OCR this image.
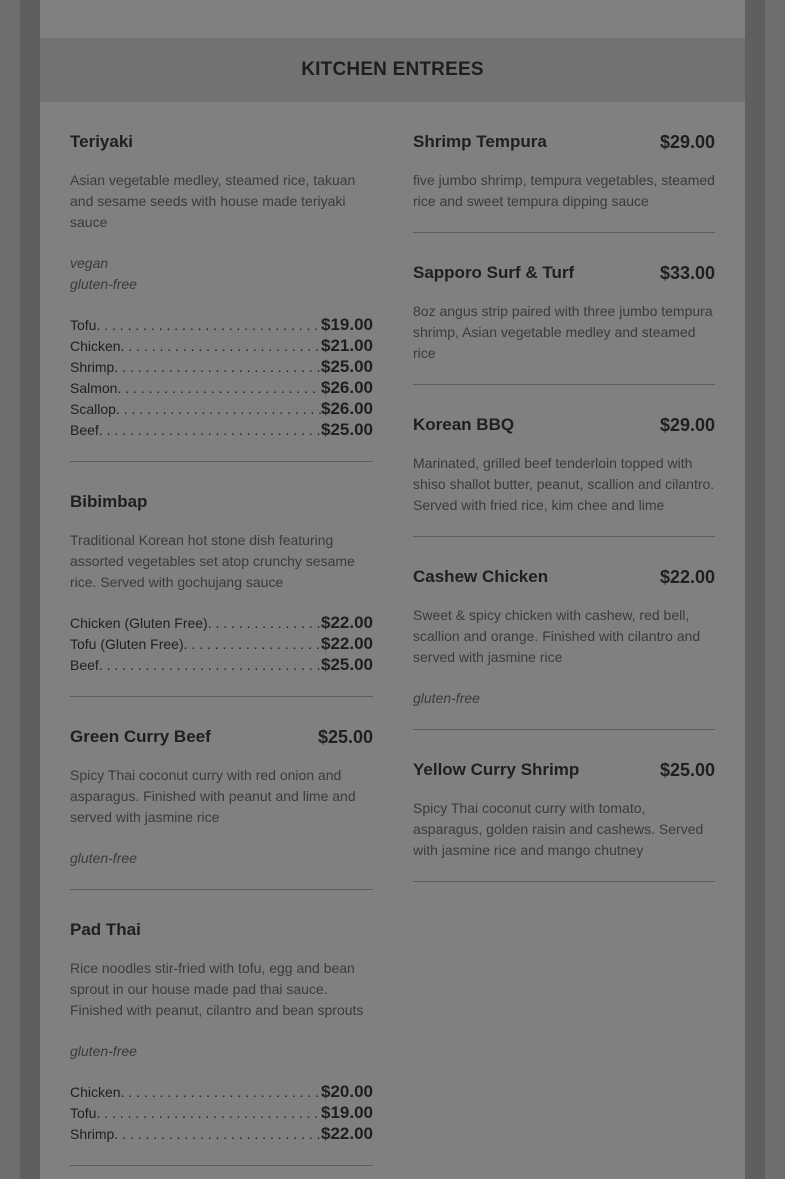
KITCHEN ENTREES
Teriyaki
Asian vegetable medley, steamed rice, takuan and sesame seeds with house made teriyaki sauce
vegan
gluten-free
Tofu . . .	$19.00
Chicken . . .	$21.00
Shrimp . . .	$25.00
Salmon . . .	$26.00
Scallop . . .	$26.00
Beef . . .	$25.00
Bibimbap
Traditional Korean hot stone dish featuring assorted vegetables set atop crunchy sesame rice. Served with gochujang sauce
Chicken (Gluten Free) . . .	$22.00
Tofu (Gluten Free) . . .	$22.00
Beef . . .	$25.00
Green Curry Beef	$25.00
Spicy Thai coconut curry with red onion and asparagus. Finished with peanut and lime and served with jasmine rice
gluten-free
Pad Thai
Rice noodles stir-fried with tofu, egg and bean sprout in our house made pad thai sauce. Finished with peanut, cilantro and bean sprouts
gluten-free
Chicken . . .	$20.00
Tofu . . .	$19.00
Shrimp . . .	$22.00
Shrimp Tempura	$29.00
five jumbo shrimp, tempura vegetables, steamed rice and sweet tempura dipping sauce
Sapporo Surf & Turf	$33.00
8oz angus strip paired with three jumbo tempura shrimp, Asian vegetable medley and steamed rice
Korean BBQ	$29.00
Marinated, grilled beef tenderloin topped with shiso shallot butter, peanut, scallion and cilantro. Served with fried rice, kim chee and lime
Cashew Chicken	$22.00
Sweet & spicy chicken with cashew, red bell, scallion and orange. Finished with cilantro and served with jasmine rice
gluten-free
Yellow Curry Shrimp	$25.00
Spicy Thai coconut curry with tomato, asparagus, golden raisin and cashews. Served with jasmine rice and mango chutney
